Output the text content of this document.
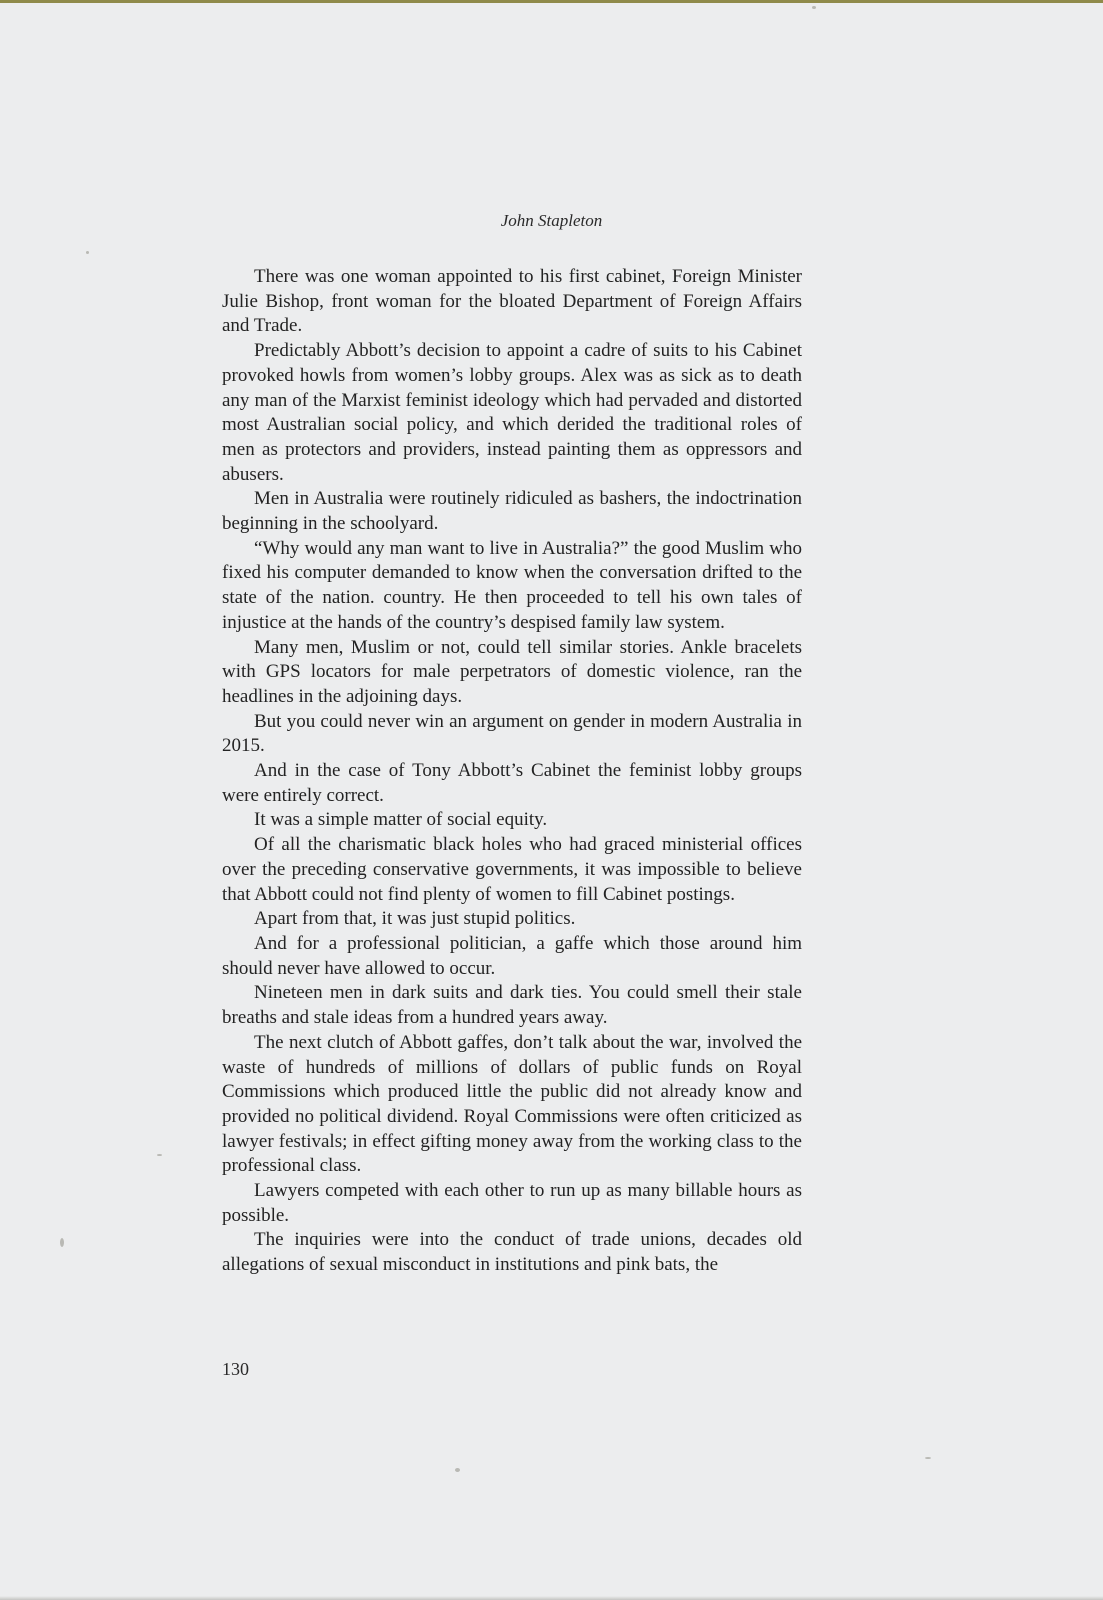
John Stapleton

There was one woman appointed to his first cabinet, Foreign Minister Julie Bishop, front woman for the bloated Department of Foreign Affairs and Trade.

Predictably Abbott’s decision to appoint a cadre of suits to his Cabinet provoked howls from women’s lobby groups. Alex was as sick as to death any man of the Marxist feminist ideology which had pervaded and distorted most Australian social policy, and which derided the traditional roles of men as protectors and providers, instead painting them as oppressors and abusers.

Men in Australia were routinely ridiculed as bashers, the indoctrination beginning in the schoolyard.

“Why would any man want to live in Australia?” the good Muslim who fixed his computer demanded to know when the conversation drifted to the state of the nation. country. He then proceeded to tell his own tales of injustice at the hands of the country’s despised family law system.

Many men, Muslim or not, could tell similar stories. Ankle bracelets with GPS locators for male perpetrators of domestic violence, ran the headlines in the adjoining days.

But you could never win an argument on gender in modern Australia in 2015.

And in the case of Tony Abbott’s Cabinet the feminist lobby groups were entirely correct.

It was a simple matter of social equity.

Of all the charismatic black holes who had graced ministerial offices over the preceding conservative governments, it was impossible to believe that Abbott could not find plenty of women to fill Cabinet postings.

Apart from that, it was just stupid politics.

And for a professional politician, a gaffe which those around him should never have allowed to occur.

Nineteen men in dark suits and dark ties. You could smell their stale breaths and stale ideas from a hundred years away.

The next clutch of Abbott gaffes, don’t talk about the war, involved the waste of hundreds of millions of dollars of public funds on Royal Commissions which produced little the public did not already know and provided no political dividend. Royal Commissions were often criticized as lawyer festivals; in effect gifting money away from the working class to the professional class.

Lawyers competed with each other to run up as many billable hours as possible.

The inquiries were into the conduct of trade unions, decades old allegations of sexual misconduct in institutions and pink bats, the

130
